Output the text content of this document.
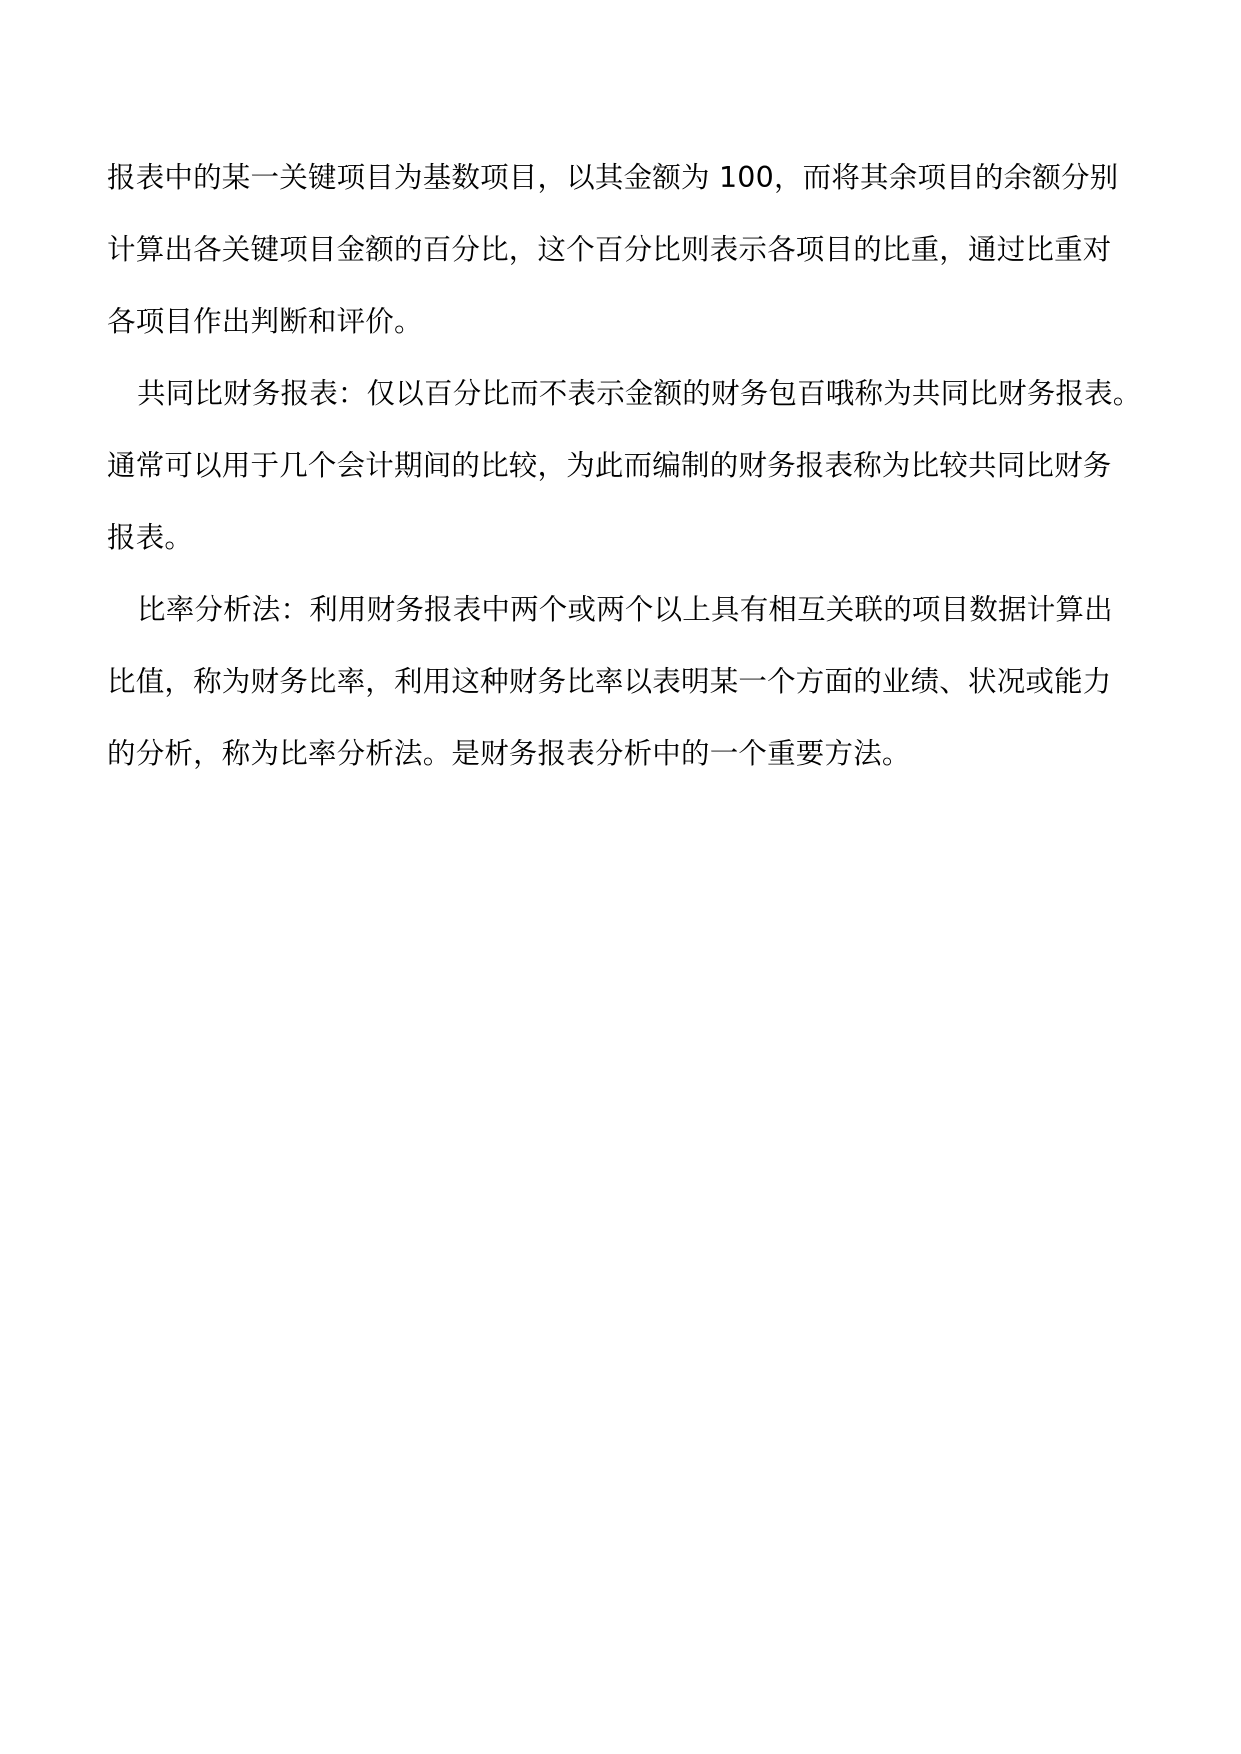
报表中的某一关键项目为基数项目，以其金额为 100，而将其余项目的余额分别
计算出各关键项目金额的百分比，这个百分比则表示各项目的比重，通过比重对
各项目作出判断和评价。
共同比财务报表：仅以百分比而不表示金额的财务包百哦称为共同比财务报表。
通常可以用于几个会计期间的比较，为此而编制的财务报表称为比较共同比财务
报表。
比率分析法：利用财务报表中两个或两个以上具有相互关联的项目数据计算出
比值，称为财务比率，利用这种财务比率以表明某一个方面的业绩、状况或能力
的分析，称为比率分析法。是财务报表分析中的一个重要方法。
